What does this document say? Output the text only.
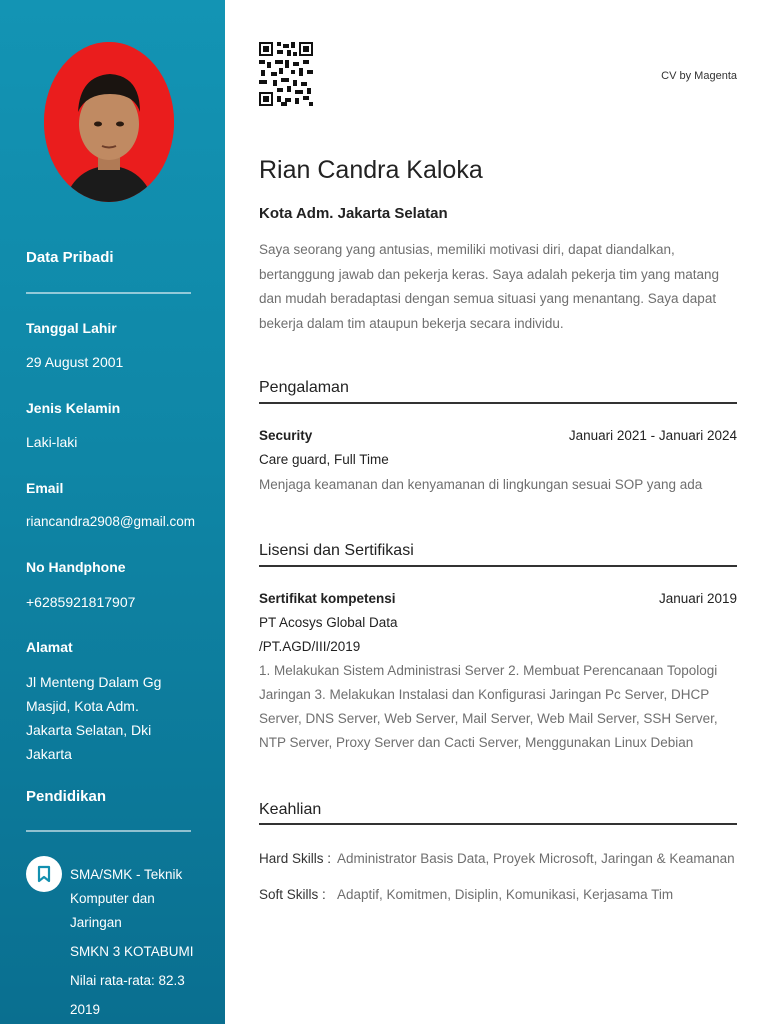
Data Pribadi
Tanggal Lahir
29 August 2001
Jenis Kelamin
Laki-laki
Email
riancandra2908@gmail.com
No Handphone
+6285921817907
Alamat
Jl Menteng Dalam Gg Masjid, Kota Adm. Jakarta Selatan, Dki Jakarta
Pendidikan
SMA/SMK - Teknik
Komputer dan
Jaringan
SMKN 3 KOTABUMI
Nilai rata-rata: 82.3
2019
CV by Magenta
Rian Candra Kaloka
Kota Adm. Jakarta Selatan
Saya seorang yang antusias, memiliki motivasi diri, dapat diandalkan, bertanggung jawab dan pekerja keras. Saya adalah pekerja tim yang matang dan mudah beradaptasi dengan semua situasi yang menantang. Saya dapat bekerja dalam tim ataupun bekerja secara individu.
Pengalaman
Security	Januari 2021 - Januari 2024
Care guard, Full Time
Menjaga keamanan dan kenyamanan di lingkungan sesuai SOP yang ada
Lisensi dan Sertifikasi
Sertifikat kompetensi	Januari 2019
PT Acosys Global Data
/PT.AGD/III/2019
1. Melakukan Sistem Administrasi Server 2. Membuat Perencanaan Topologi Jaringan 3. Melakukan Instalasi dan Konfigurasi Jaringan Pc Server, DHCP Server, DNS Server, Web Server, Mail Server, Web Mail Server, SSH Server, NTP Server, Proxy Server dan Cacti Server, Menggunakan Linux Debian
Keahlian
Hard Skills : Administrator Basis Data, Proyek Microsoft, Jaringan & Keamanan
Soft Skills : Adaptif, Komitmen, Disiplin, Komunikasi, Kerjasama Tim
